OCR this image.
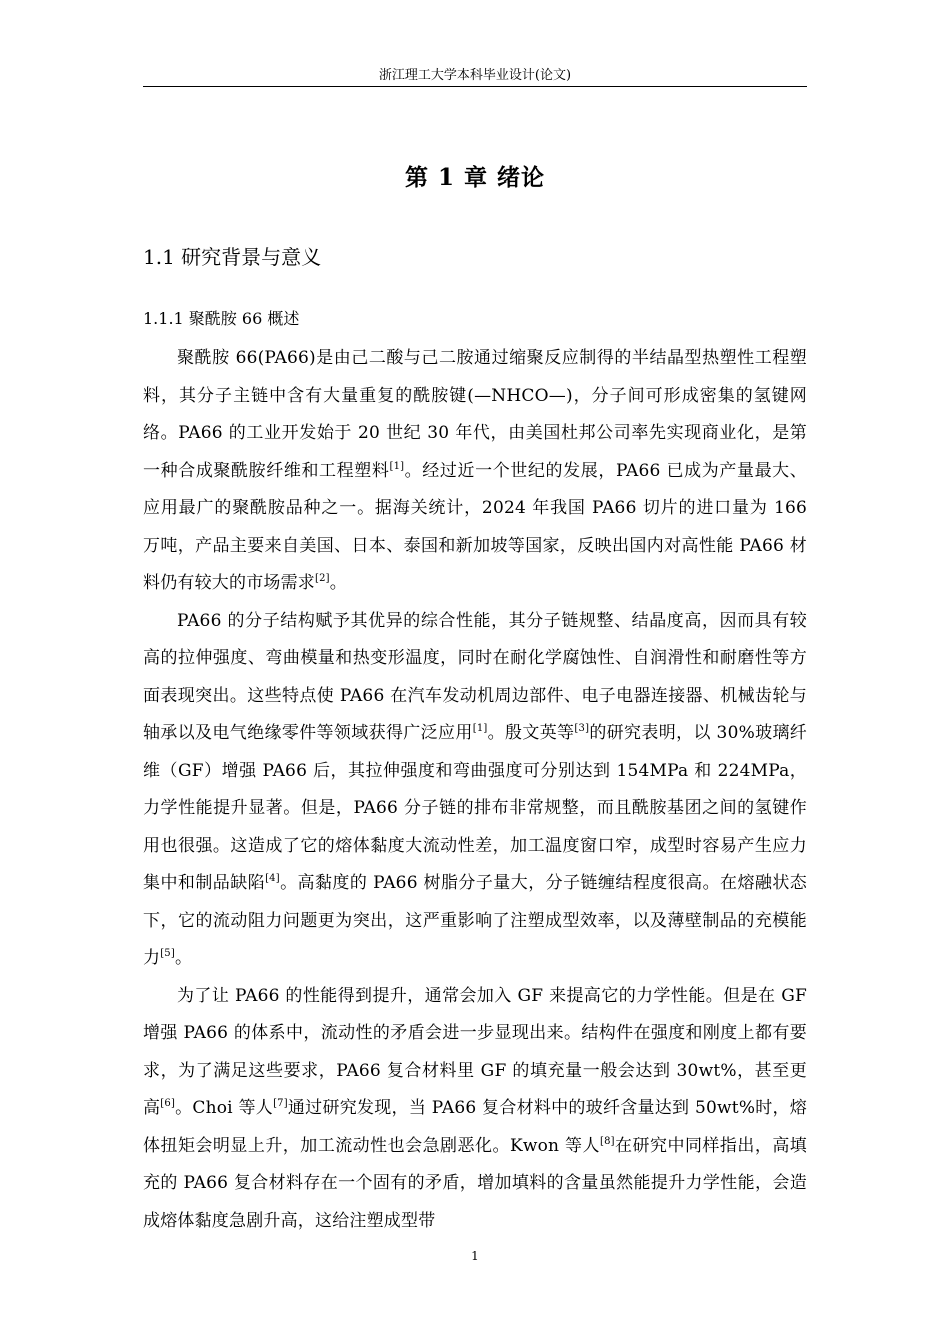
浙江理工大学本科毕业设计(论文)
第 1 章 绪论
1.1 研究背景与意义
1.1.1 聚酰胺 66 概述

聚酰胺 66(PA66)是由己二酸与己二胺通过缩聚反应制得的半结晶型热塑性工程塑料，其分子主链中含有大量重复的酰胺键(—NHCO—)，分子间可形成密集的氢键网络。PA66 的工业开发始于 20 世纪 30 年代，由美国杜邦公司率先实现商业化，是第一种合成聚酰胺纤维和工程塑料[1]。经过近一个世纪的发展，PA66 已成为产量最大、应用最广的聚酰胺品种之一。据海关统计，2024 年我国 PA66 切片的进口量为 166 万吨，产品主要来自美国、日本、泰国和新加坡等国家，反映出国内对高性能 PA66 材料仍有较大的市场需求[2]。

PA66 的分子结构赋予其优异的综合性能，其分子链规整、结晶度高，因而具有较高的拉伸强度、弯曲模量和热变形温度，同时在耐化学腐蚀性、自润滑性和耐磨性等方面表现突出。这些特点使 PA66 在汽车发动机周边部件、电子电器连接器、机械齿轮与轴承以及电气绝缘零件等领域获得广泛应用[1]。殷文英等[3]的研究表明，以 30%玻璃纤维（GF）增强 PA66 后，其拉伸强度和弯曲强度可分别达到 154MPa 和 224MPa，力学性能提升显著。但是，PA66 分子链的排布非常规整，而且酰胺基团之间的氢键作用也很强。这造成了它的熔体黏度大流动性差，加工温度窗口窄，成型时容易产生应力集中和制品缺陷[4]。高黏度的 PA66 树脂分子量大，分子链缠结程度很高。在熔融状态下，它的流动阻力问题更为突出，这严重影响了注塑成型效率，以及薄壁制品的充模能力[5]。

为了让 PA66 的性能得到提升，通常会加入 GF 来提高它的力学性能。但是在 GF 增强 PA66 的体系中，流动性的矛盾会进一步显现出来。结构件在强度和刚度上都有要求，为了满足这些要求，PA66 复合材料里 GF 的填充量一般会达到 30wt%，甚至更高[6]。Choi 等人[7]通过研究发现，当 PA66 复合材料中的玻纤含量达到 50wt%时，熔体扭矩会明显上升，加工流动性也会急剧恶化。Kwon 等人[8]在研究中同样指出，高填充的 PA66 复合材料存在一个固有的矛盾，增加填料的含量虽然能提升力学性能，会造成熔体黏度急剧升高，这给注塑成型带

1
